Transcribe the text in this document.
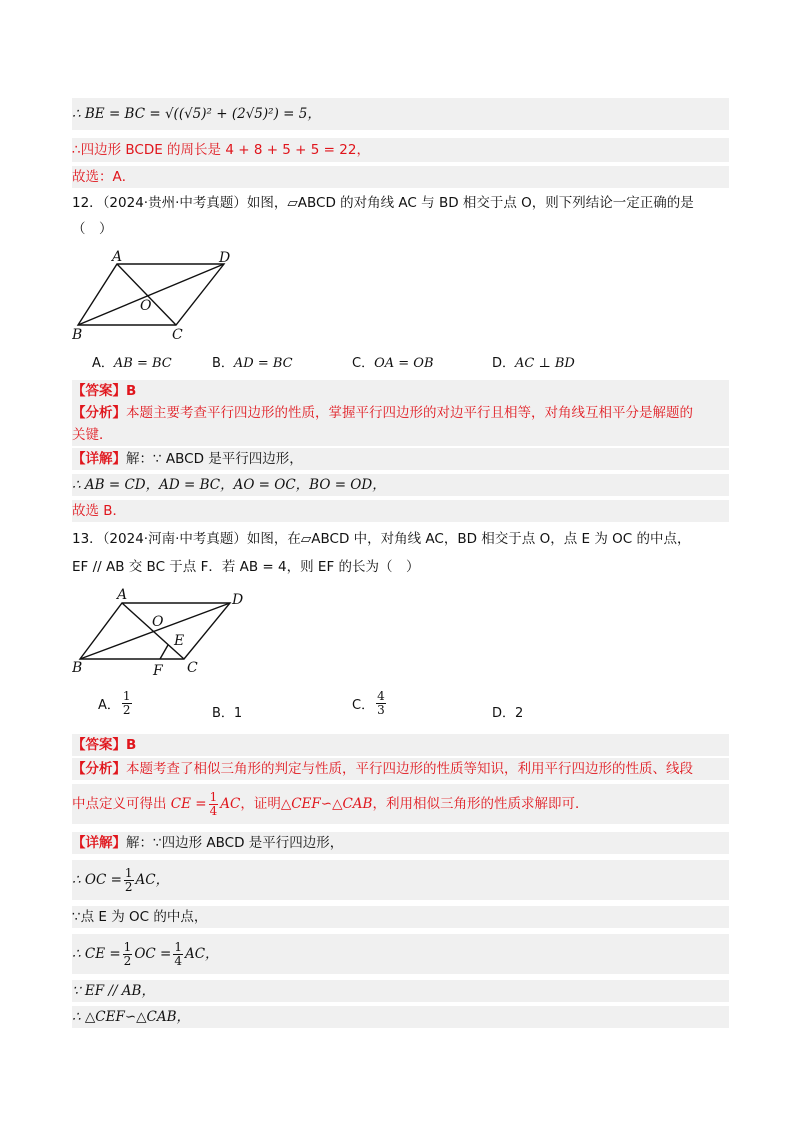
∴ BE = BC = √((√5)² + (2√5)²) = 5，
∴四边形 BCDE 的周长是 4 + 8 + 5 + 5 = 22，
故选：A．
12．（2024·贵州·中考真题）如图，▱ABCD 的对角线 AC 与 BD 相交于点 O，则下列结论一定正确的是
（　）
A	D
B	C
O
A．AB = BC	B．AD = BC	C．OA = OB	D．AC ⊥ BD
【答案】B
【分析】本题主要考查平行四边形的性质，掌握平行四边形的对边平行且相等，对角线互相平分是解题的
关键．
【详解】解：∵ ABCD 是平行四边形，
∴ AB = CD，AD = BC，AO = OC，BO = OD，
故选 B．
13．（2024·河南·中考真题）如图，在▱ABCD 中，对角线 AC，BD 相交于点 O，点 E 为 OC 的中点，
EF // AB 交 BC 于点 F．若 AB = 4，则 EF 的长为（　）
A	D
B	C
O
E
F
A． $\frac{1}{2}$	B．1
C． $\frac{4}{3}$	D．2
【答案】B
【分析】本题考查了相似三角形的判定与性质，平行四边形的性质等知识，利用平行四边形的性质、线段
中点定义可得出 CE = $\frac{1}{4}$ AC，证明△CEF∽△CAB，利用相似三角形的性质求解即可．
【详解】解：∵四边形 ABCD 是平行四边形，
∴ OC = $\frac{1}{2}$ AC，
∵点 E 为 OC 的中点，
∴ CE = $\frac{1}{2}$ OC = $\frac{1}{4}$ AC，
∵ EF // AB，
∴ △CEF∽△CAB，
